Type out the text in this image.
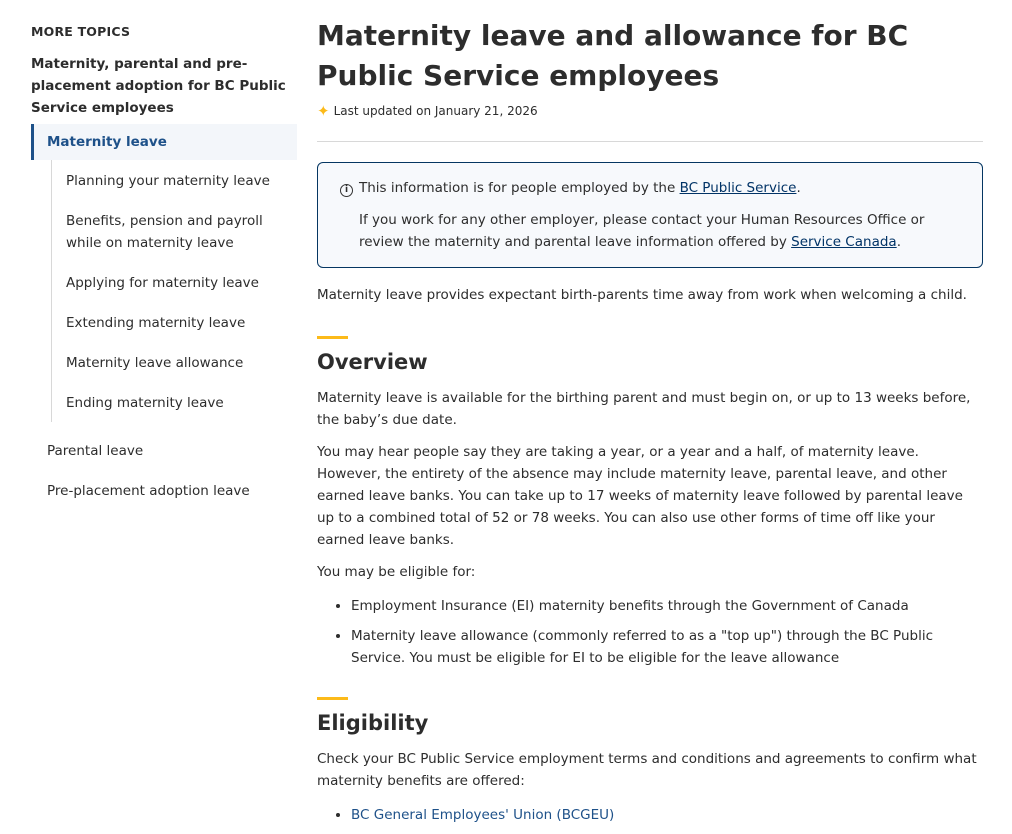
MORE TOPICS
Maternity, parental and pre-placement adoption for BC Public Service employees
Maternity leave
Planning your maternity leave
Benefits, pension and payroll while on maternity leave
Applying for maternity leave
Extending maternity leave
Maternity leave allowance
Ending maternity leave
Parental leave
Pre-placement adoption leave
Maternity leave and allowance for BC Public Service employees
✦ Last updated on January 21, 2026

i This information is for people employed by the BC Public Service.

If you work for any other employer, please contact your Human Resources Office or review the maternity and parental leave information offered by Service Canada.

Maternity leave provides expectant birth-parents time away from work when welcoming a child.

Overview

Maternity leave is available for the birthing parent and must begin on, or up to 13 weeks before, the baby’s due date.

You may hear people say they are taking a year, or a year and a half, of maternity leave. However, the entirety of the absence may include maternity leave, parental leave, and other earned leave banks. You can take up to 17 weeks of maternity leave followed by parental leave up to a combined total of 52 or 78 weeks. You can also use other forms of time off like your earned leave banks.

You may be eligible for:

• Employment Insurance (EI) maternity benefits through the Government of Canada
• Maternity leave allowance (commonly referred to as a "top up") through the BC Public Service. You must be eligible for EI to be eligible for the leave allowance
Eligibility

Check your BC Public Service employment terms and conditions and agreements to confirm what maternity benefits are offered:

• BC General Employees' Union (BCGEU)
